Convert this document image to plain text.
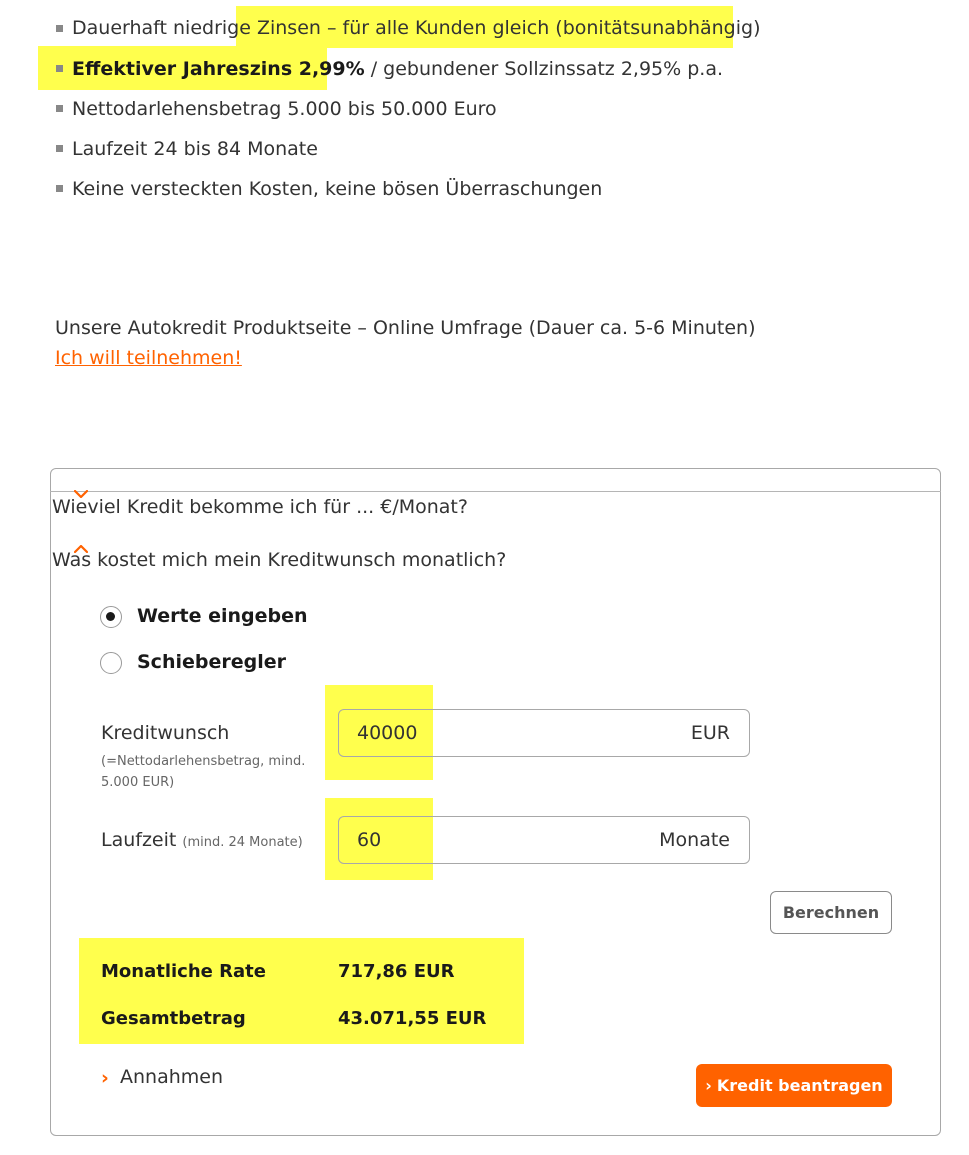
Dauerhaft niedrige Zinsen – für alle Kunden gleich (bonitätsunabhängig)
Effektiver Jahreszins 2,99% / gebundener Sollzinssatz 2,95% p.a.
Nettodarlehensbetrag 5.000 bis 50.000 Euro
Laufzeit 24 bis 84 Monate
Keine versteckten Kosten, keine bösen Überraschungen
Unsere Autokredit Produktseite – Online Umfrage (Dauer ca. 5-6 Minuten)
Ich will teilnehmen!
Wieviel Kredit bekomme ich für ... €/Monat?
Was kostet mich mein Kreditwunsch monatlich?
Werte eingeben
Schieberegler
Kreditwunsch
(=Nettodarlehensbetrag, mind. 5.000 EUR)
40000	EUR
Laufzeit (mind. 24 Monate)	60	Monate
Berechnen
Monatliche Rate	717,86 EUR
Gesamtbetrag	43.071,55 EUR
› Annahmen	› Kredit beantragen
